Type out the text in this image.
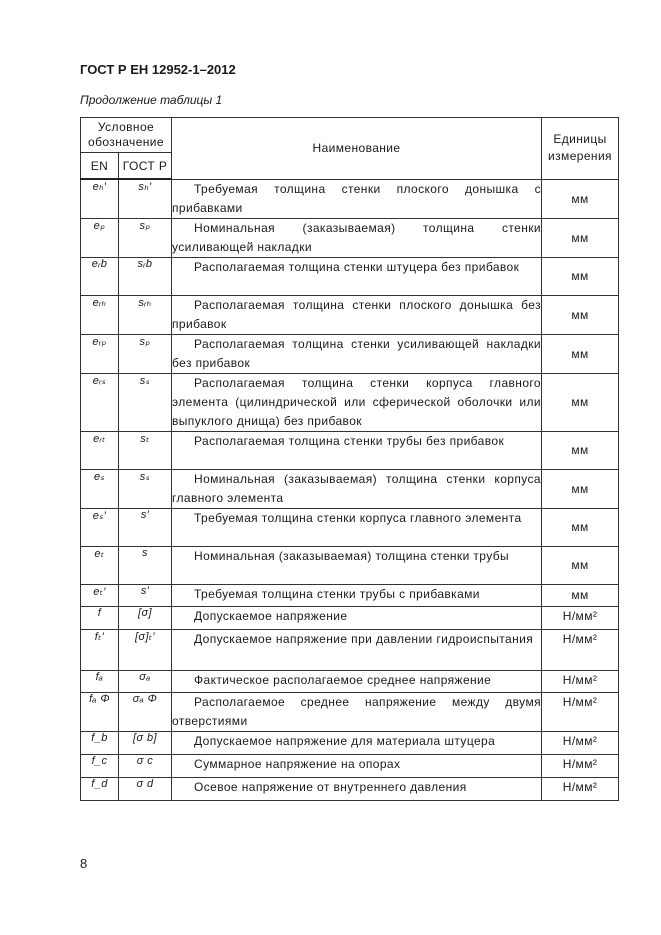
ГОСТ Р ЕН 12952-1–2012
Продолжение таблицы 1
Условное обозначение		Наименование	Единицы измерения
EN	ГОСТ Р		
eₕ′	sₕ′	Требуемая толщина стенки плоского донышка с прибавками	мм
eₚ	sₚ	Номинальная (заказываемая) толщина стенки усиливающей накладки	мм
eᵣb	sᵣb	Располагаемая толщина стенки штуцера без прибавок	мм
eᵣₕ	sᵣₕ	Располагаемая толщина стенки плоского донышка без прибавок	мм
eᵣₚ	sₚ	Располагаемая толщина стенки усиливающей накладки без прибавок	мм
eᵣₛ	sₛ	Располагаемая толщина стенки корпуса главного элемента (цилиндрической или сферической оболочки или выпуклого днища) без прибавок	мм
eᵣₜ	sₜ	Располагаемая толщина стенки трубы без прибавок	мм
eₛ	sₛ	Номинальная (заказываемая) толщина стенки корпуса главного элемента	мм
eₛ′	s′	Требуемая толщина стенки корпуса главного элемента	мм
eₜ	s	Номинальная (заказываемая) толщина стенки трубы	мм
eₜ′	s′	Требуемая толщина стенки трубы с прибавками	мм
f	[σ]	Допускаемое напряжение	Н/мм²
fₜ′	[σ]ₜ′	Допускаемое напряжение при давлении гидроиспытания	Н/мм²
fₐ	σₐ	Фактическое располагаемое среднее напряжение	Н/мм²
fₐ Φ	σₐ Φ	Располагаемое среднее напряжение между двумя отверстиями	Н/мм²
f_b	[σ b]	Допускаемое напряжение для материала штуцера	Н/мм²
f_c	σ c	Суммарное напряжение на опорах	Н/мм²
f_d	σ d	Осевое напряжение от внутреннего давления	Н/мм²
8
